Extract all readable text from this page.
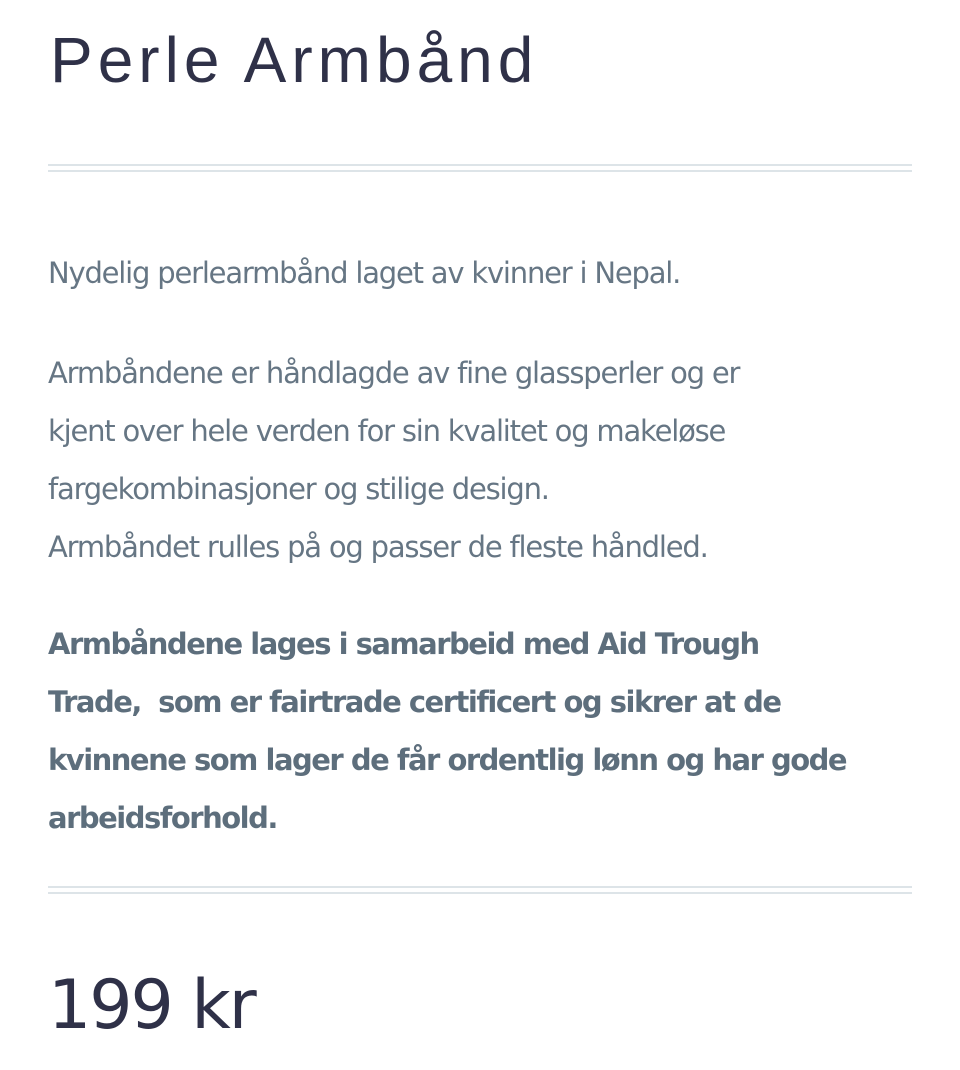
Perle Armbånd

Nydelig perlearmbånd laget av kvinner i Nepal.

Armbåndene er håndlagde av fine glassperler og er
kjent over hele verden for sin kvalitet og makeløse
fargekombinasjoner og stilige design.
Armbåndet rulles på og passer de fleste håndled.

Armbåndene lages i samarbeid med Aid Trough
Trade,  som er fairtrade certificert og sikrer at de
kvinnene som lager de får ordentlig lønn og har gode
arbeidsforhold.

199 kr
